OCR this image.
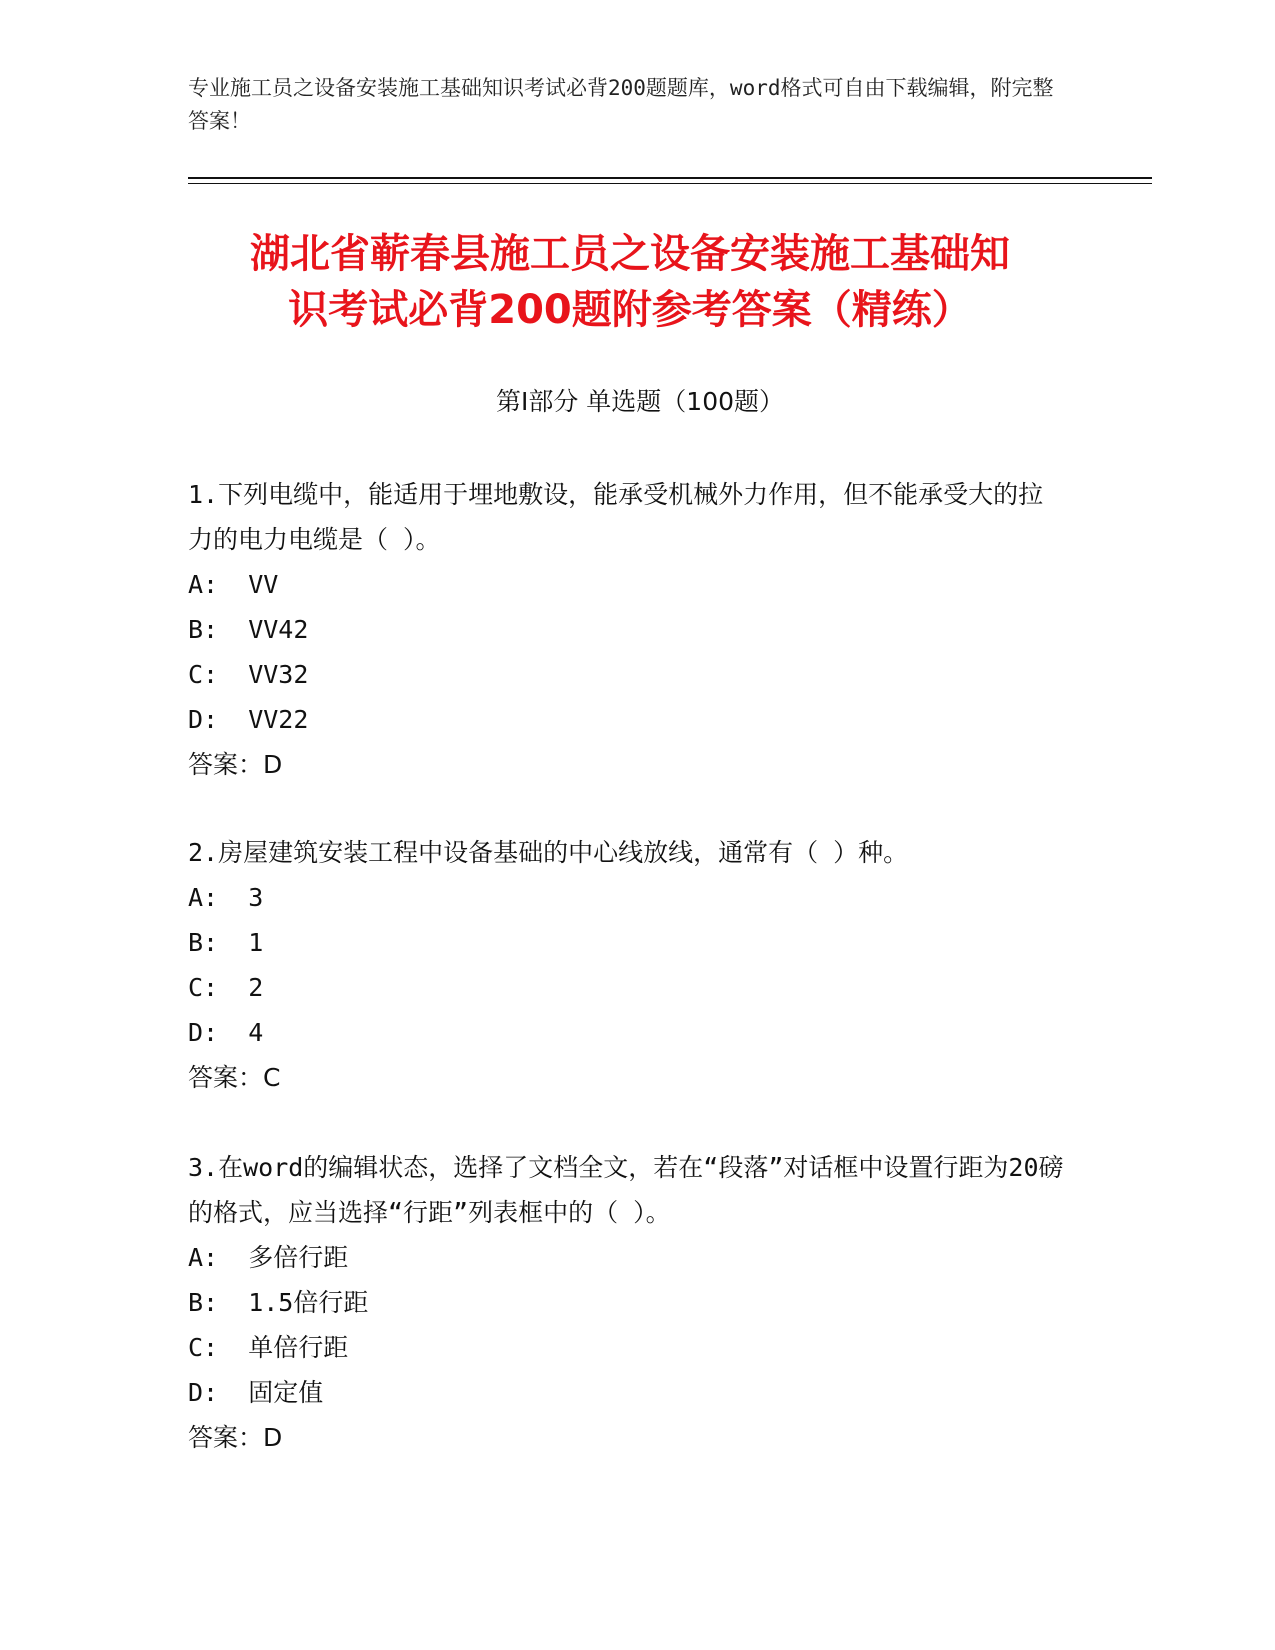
专业施工员之设备安装施工基础知识考试必背200题题库，word格式可自由下载编辑，附完整答案！
湖北省蕲春县施工员之设备安装施工基础知
识考试必背200题附参考答案（精练）
第Ⅰ部分 单选题（100题）

1.下列电缆中，能适用于埋地敷设，能承受机械外力作用，但不能承受大的拉力的电力电缆是（ ）。

A:  VV

B:  VV42

C:  VV32

D:  VV22

答案：D

2.房屋建筑安装工程中设备基础的中心线放线，通常有（ ）种。

A:  3

B:  1

C:  2

D:  4

答案：C

3.在word的编辑状态，选择了文档全文，若在“段落”对话框中设置行距为20磅的格式，应当选择“行距”列表框中的（ ）。

A:  多倍行距

B:  1.5倍行距

C:  单倍行距

D:  固定值

答案：D
